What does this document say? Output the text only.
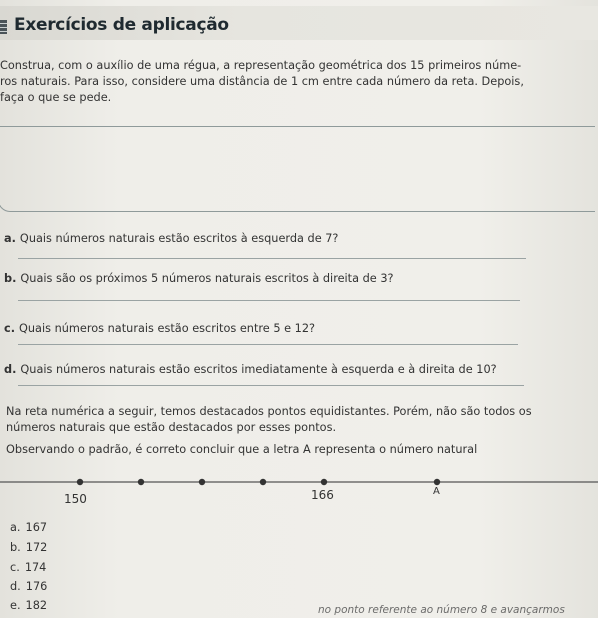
Exercícios de aplicação
Construa, com o auxílio de uma régua, a representação geométrica dos 15 primeiros núme-
ros naturais. Para isso, considere uma distância de 1 cm entre cada número da reta. Depois,
faça o que se pede.
a. Quais números naturais estão escritos à esquerda de 7?
b. Quais são os próximos 5 números naturais escritos à direita de 3?
c. Quais números naturais estão escritos entre 5 e 12?
d. Quais números naturais estão escritos imediatamente à esquerda e à direita de 10?
Na reta numérica a seguir, temos destacados pontos equidistantes. Porém, não são todos os
números naturais que estão destacados por esses pontos.
Observando o padrão, é correto concluir que a letra A representa o número natural
150	166	A
a. 167
b. 172
c. 174
d. 176
e. 182	no ponto referente ao número 8 e avançarmos
